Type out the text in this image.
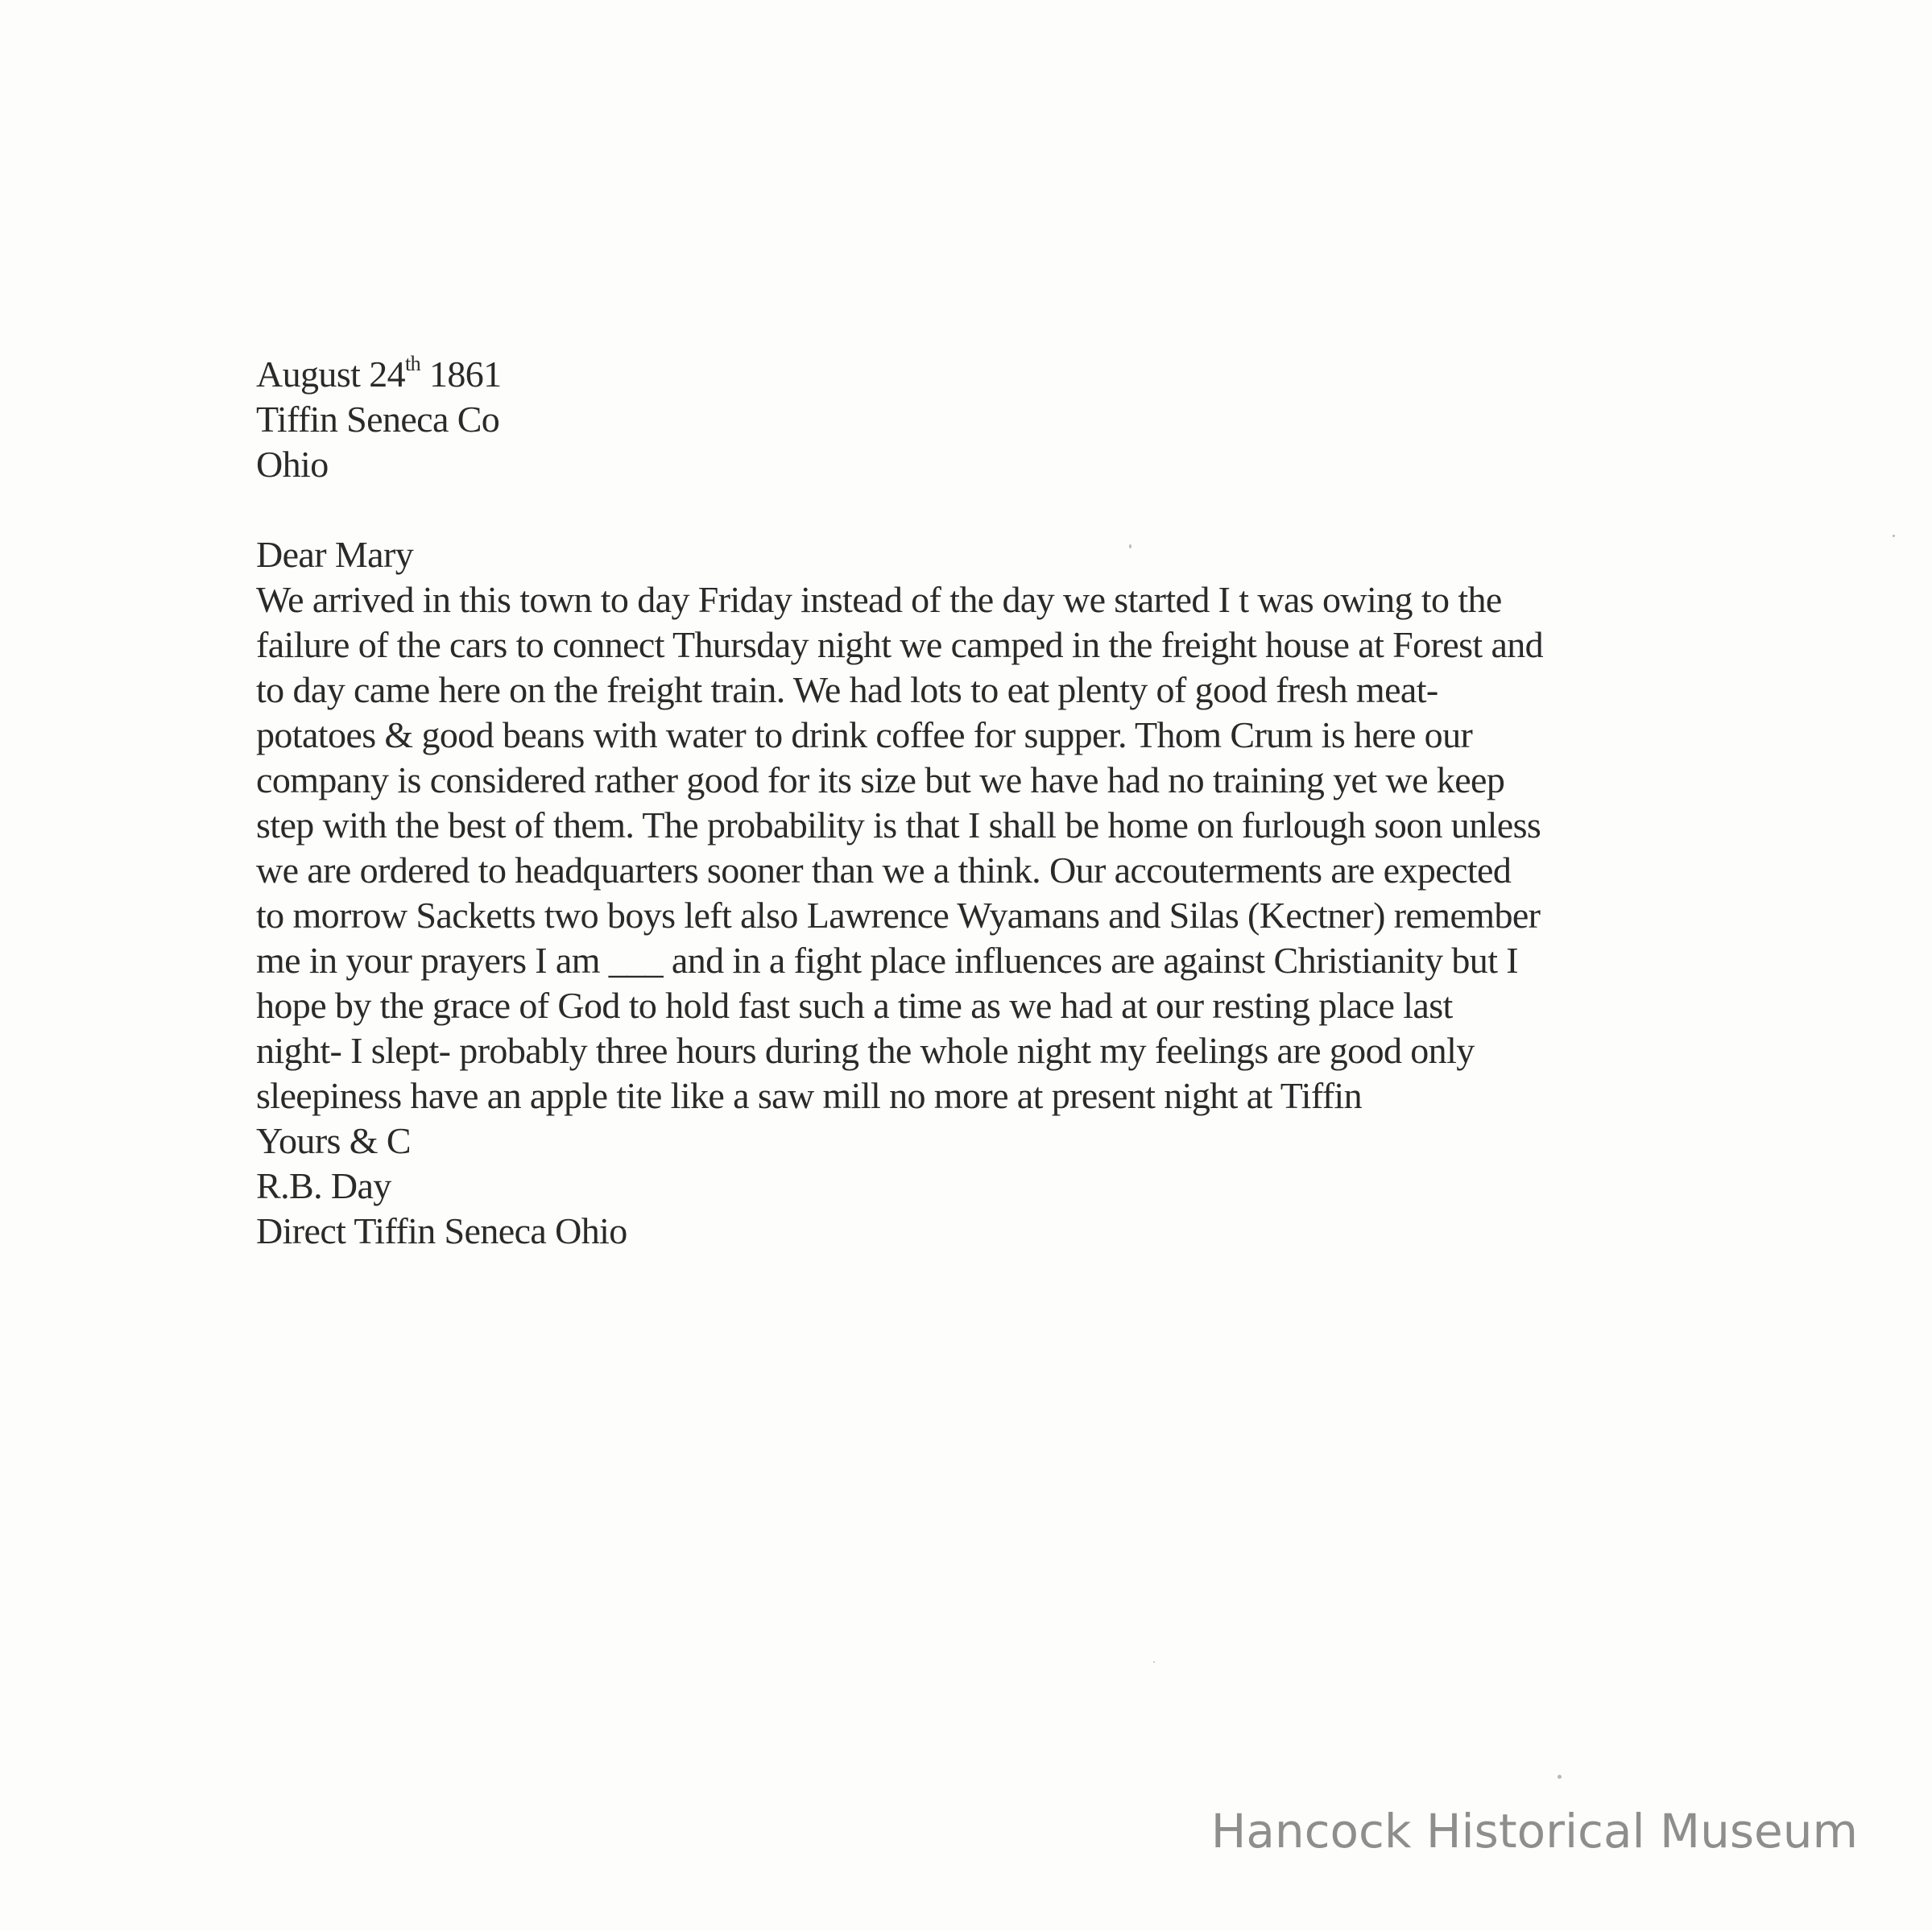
August 24th 1861
Tiffin Seneca Co
Ohio
Dear Mary
We arrived in this town to day Friday instead of the day we started I t was owing to the
failure of the cars to connect Thursday night we camped in the freight house at Forest and
to day came here on the freight train. We had lots to eat plenty of good fresh meat-
potatoes & good beans with water to drink coffee for supper. Thom Crum is here our
company is considered rather good for its size but we have had no training yet we keep
step with the best of them. The probability is that I shall be home on furlough soon unless
we are ordered to headquarters sooner than we a think. Our accouterments are expected
to morrow Sacketts two boys left also Lawrence Wyamans and Silas (Kectner) remember
me in your prayers I am ___ and in a fight place influences are against Christianity but I
hope by the grace of God to hold fast such a time as we had at our resting place last
night- I slept- probably three hours during the whole night my feelings are good only
sleepiness have an apple tite like a saw mill no more at present night at Tiffin
Yours & C
R.B. Day
Direct Tiffin Seneca Ohio
Hancock Historical Museum
